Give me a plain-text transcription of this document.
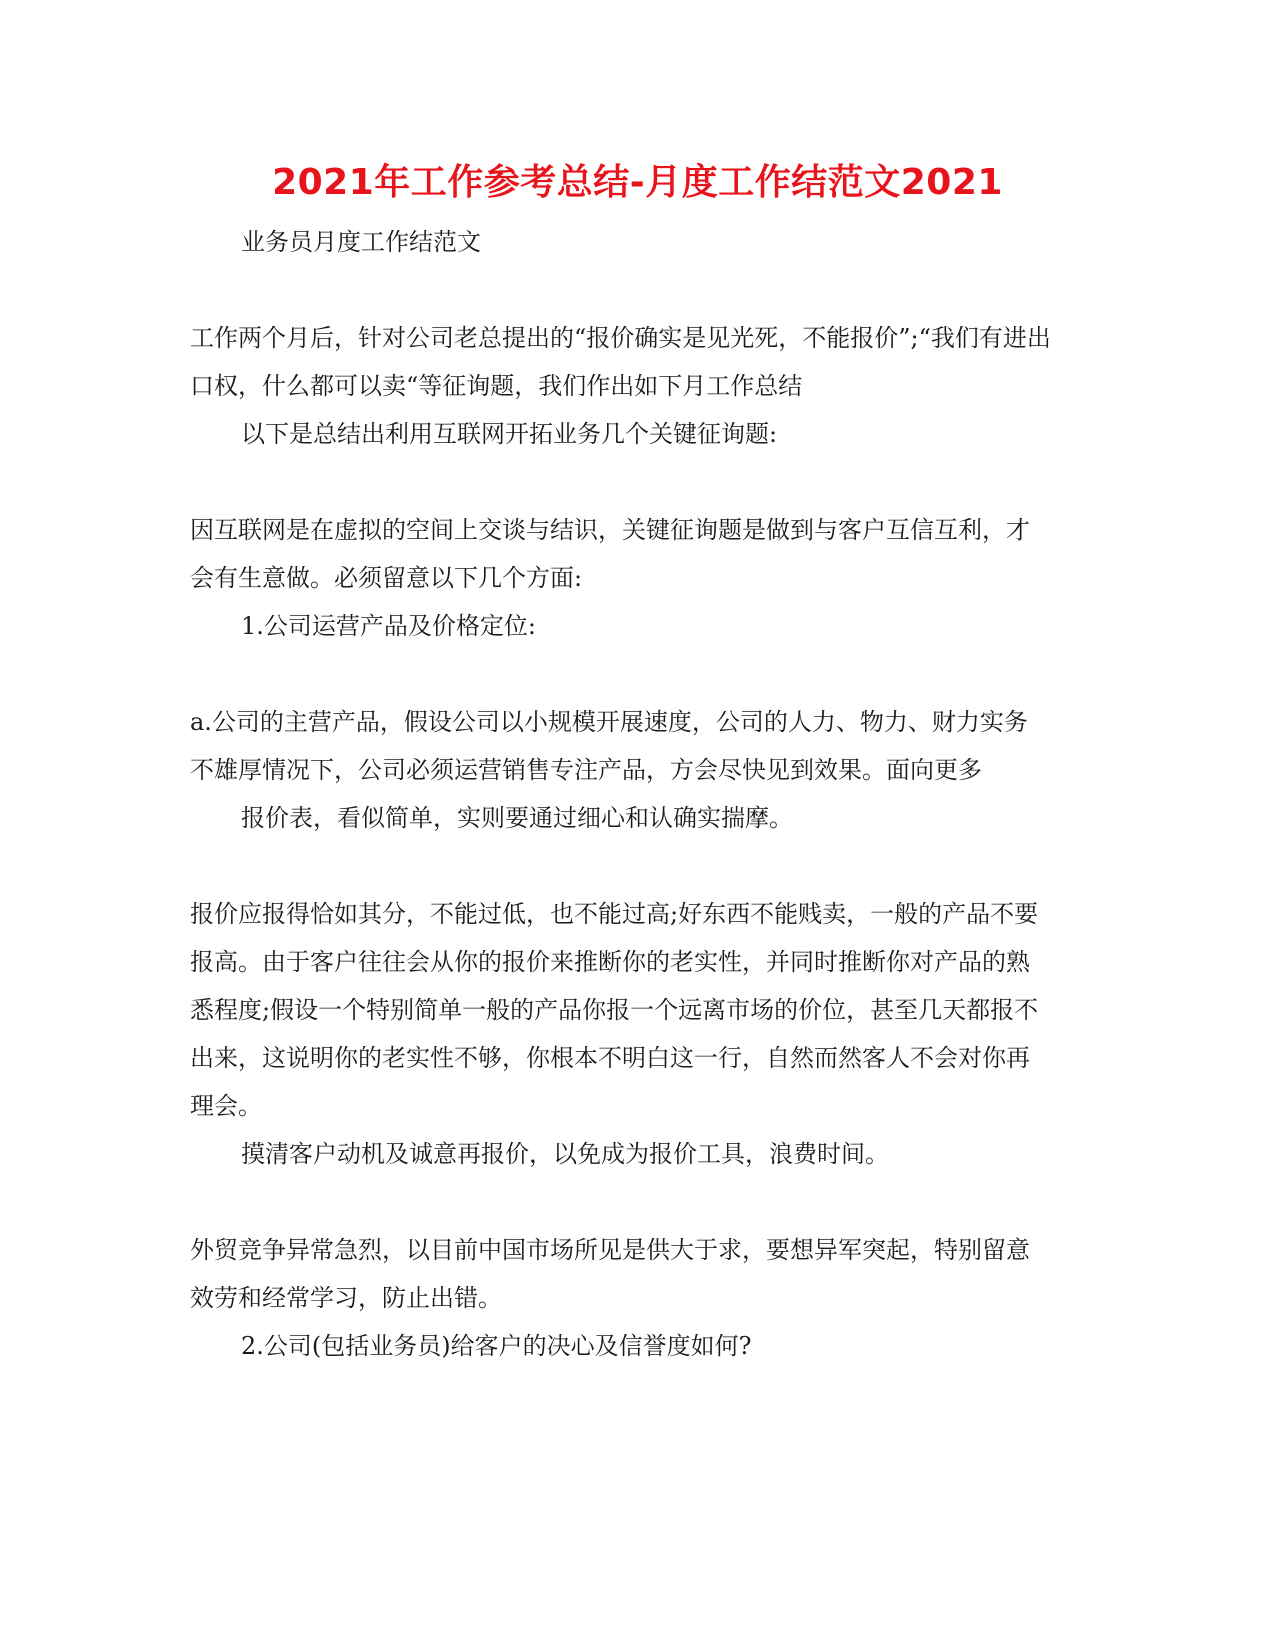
2021年工作参考总结-月度工作结范文2021

业务员月度工作结范文

工作两个月后，针对公司老总提出的“报价确实是见光死，不能报价”;“我们有进出

口权，什么都可以卖“等征询题，我们作出如下月工作总结

以下是总结出利用互联网开拓业务几个关键征询题:

因互联网是在虚拟的空间上交谈与结识，关键征询题是做到与客户互信互利，才

会有生意做。必须留意以下几个方面:

1.公司运营产品及价格定位:

a.公司的主营产品，假设公司以小规模开展速度，公司的人力、物力、财力实务

不雄厚情况下，公司必须运营销售专注产品，方会尽快见到效果。面向更多

报价表，看似简单，实则要通过细心和认确实揣摩。

报价应报得恰如其分，不能过低，也不能过高;好东西不能贱卖，一般的产品不要

报高。由于客户往往会从你的报价来推断你的老实性，并同时推断你对产品的熟

悉程度;假设一个特别简单一般的产品你报一个远离市场的价位，甚至几天都报不

出来，这说明你的老实性不够，你根本不明白这一行，自然而然客人不会对你再

理会。

摸清客户动机及诚意再报价，以免成为报价工具，浪费时间。

外贸竞争异常急烈，以目前中国市场所见是供大于求，要想异军突起，特别留意

效劳和经常学习，防止出错。

2.公司(包括业务员)给客户的决心及信誉度如何?
